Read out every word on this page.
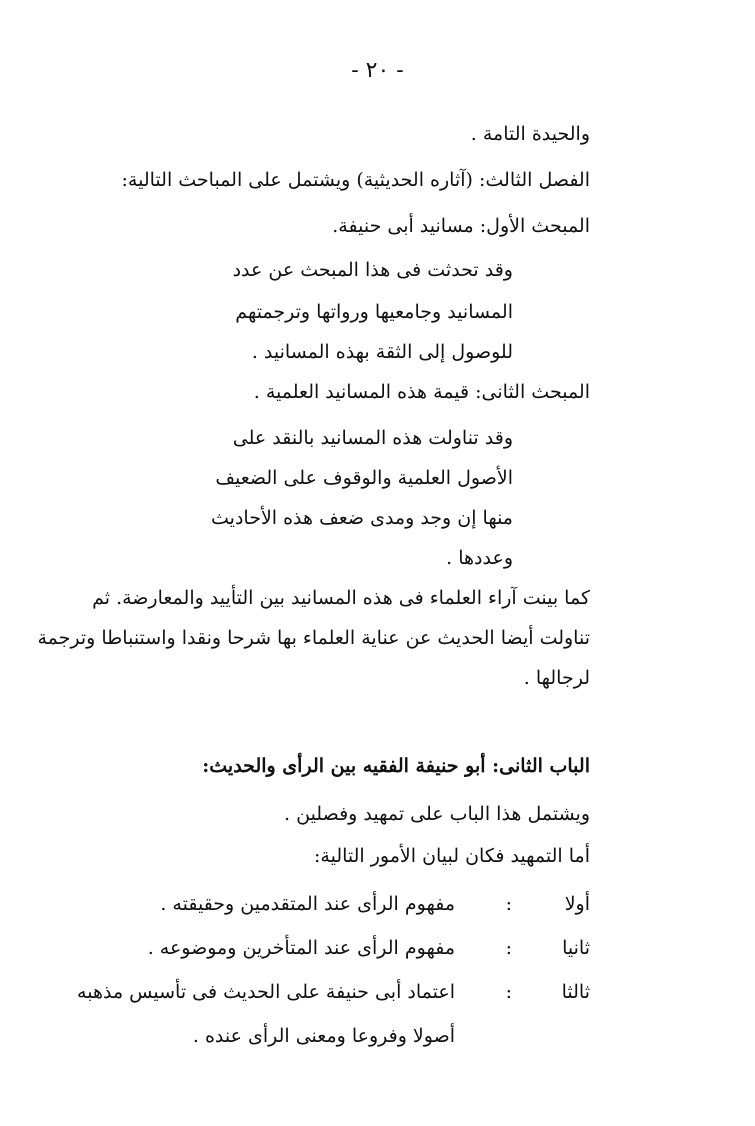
- ٢٠ -
والحيدة التامة .
الفصل الثالث: (آثاره الحديثية) ويشتمل على المباحث التالية:
المبحث الأول: مسانيد أبى حنيفة.
وقد تحدثت فى هذا المبحث عن عدد
المسانيد وجامعيها ورواتها وترجمتهم
للوصول إلى الثقة بهذه المسانيد .
المبحث الثانى: قيمة هذه المسانيد العلمية .
وقد تناولت هذه المسانيد بالنقد على
الأصول العلمية والوقوف على الضعيف
منها إن وجد ومدى ضعف هذه الأحاديث
وعددها .
كما بينت آراء العلماء فى هذه المسانيد بين التأييد والمعارضة. ثم
تناولت أيضا الحديث عن عناية العلماء بها شرحا ونقدا واستنباطا وترجمة
لرجالها .
الباب الثانى: أبو حنيفة الفقيه بين الرأى والحديث:
ويشتمل هذا الباب على تمهيد وفصلين .
أما التمهيد فكان لبيان الأمور التالية:
أولا
:
مفهوم الرأى عند المتقدمين وحقيقته .
ثانيا
:
مفهوم الرأى عند المتأخرين وموضوعه .
ثالثا
:
اعتماد أبى حنيفة على الحديث فى تأسيس مذهبه
أصولا وفروعا ومعنى الرأى عنده .
